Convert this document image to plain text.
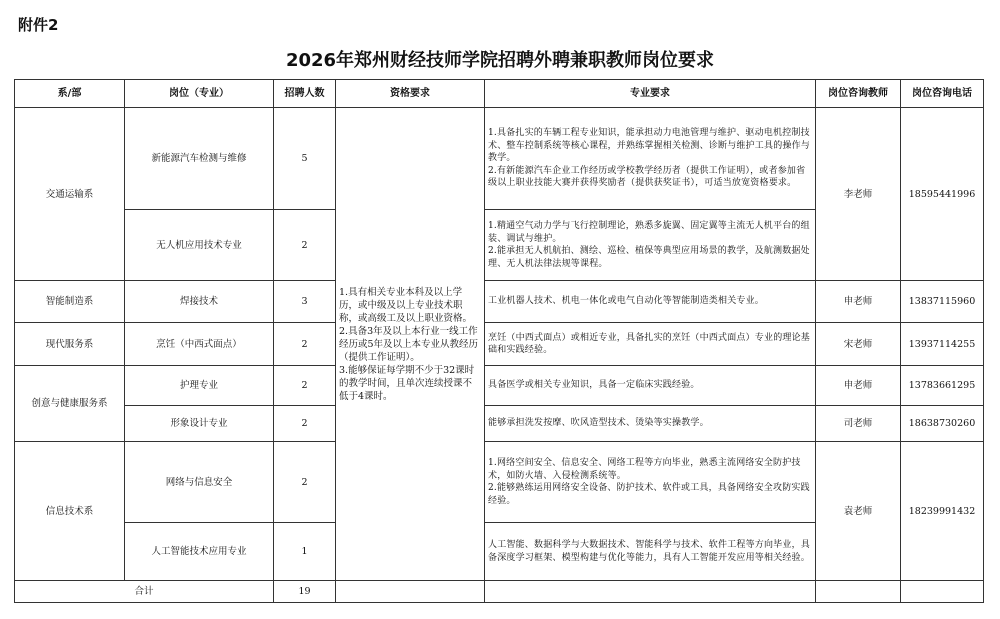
附件2
2026年郑州财经技师学院招聘外聘兼职教师岗位要求
系/部	岗位（专业）	招聘人数	资格要求	专业要求	岗位咨询教师	岗位咨询电话
交通运输系	新能源汽车检测与维修	5	1.具有相关专业本科及以上学历，或中级及以上专业技术职称，或高级工及以上职业资格。
2.具备3年及以上本行业一线工作经历或5年及以上本专业从教经历（提供工作证明）。
3.能够保证每学期不少于32课时的教学时间，且单次连续授课不低于4课时。	1.具备扎实的车辆工程专业知识，能承担动力电池管理与维护、驱动电机控制技术、整车控制系统等核心课程，并熟练掌握相关检测、诊断与维护工具的操作与教学。
2.有新能源汽车企业工作经历或学校教学经历者（提供工作证明），或者参加省级以上职业技能大赛并获得奖励者（提供获奖证书），可适当放宽资格要求。	李老师	18595441996
	无人机应用技术专业	2		1.精通空气动力学与飞行控制理论，熟悉多旋翼、固定翼等主流无人机平台的组装、调试与维护。
2.能承担无人机航拍、测绘、巡检、植保等典型应用场景的教学，及航测数据处理、无人机法律法规等课程。		

智能制造系	焊接技术	3		工业机器人技术、机电一体化或电气自动化等智能制造类相关专业。	申老师	13837115960
现代服务系	烹饪（中西式面点）	2		烹饪（中西式面点）或相近专业，具备扎实的烹饪（中西式面点）专业的理论基础和实践经验。	宋老师	13937114255
创意与健康服务系	护理专业	2		具备医学或相关专业知识，具备一定临床实践经验。	申老师	13783661295
	形象设计专业	2		能够承担洗发按摩、吹风造型技术、烫染等实操教学。	司老师	18638730260
信息技术系	网络与信息安全	2		1.网络空间安全、信息安全、网络工程等方向毕业，熟悉主流网络安全防护技术，如防火墙、入侵检测系统等。
2.能够熟练运用网络安全设备、防护技术、软件或工具，具备网络安全攻防实践经验。	袁老师	18239991432
	人工智能技术应用专业	1		人工智能、数据科学与大数据技术、智能科学与技术、软件工程等方向毕业，具备深度学习框架、模型构建与优化等能力，具有人工智能开发应用等相关经验。		

合计		19				
